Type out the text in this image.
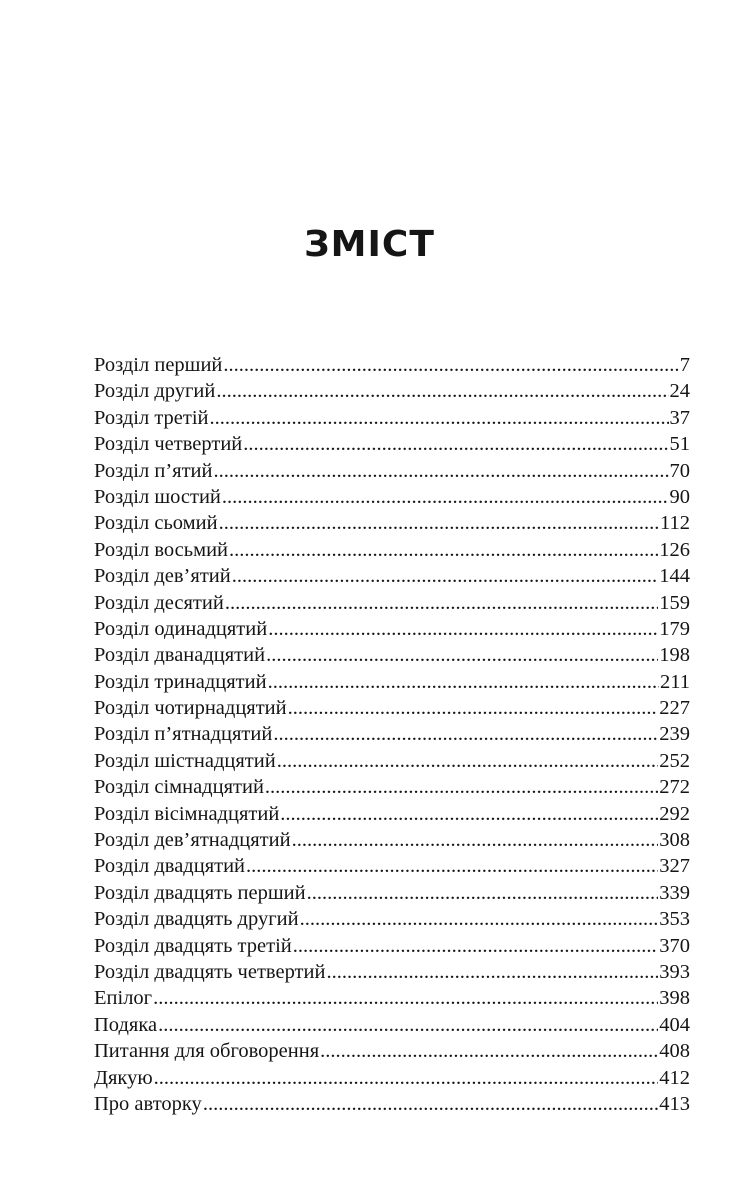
ЗМІСТ
Розділ перший .....	7
Розділ другий .....	24
Розділ третій .....	37
Розділ четвертий .....	51
Розділ п’ятий .....	70
Розділ шостий .....	90
Розділ сьомий .....	112
Розділ восьмий .....	126
Розділ дев’ятий .....	144
Розділ десятий .....	159
Розділ одинадцятий .....	179
Розділ дванадцятий .....	198
Розділ тринадцятий .....	211
Розділ чотирнадцятий .....	227
Розділ п’ятнадцятий .....	239
Розділ шістнадцятий .....	252
Розділ сімнадцятий .....	272
Розділ вісімнадцятий .....	292
Розділ дев’ятнадцятий .....	308
Розділ двадцятий .....	327
Розділ двадцять перший .....	339
Розділ двадцять другий .....	353
Розділ двадцять третій .....	370
Розділ двадцять четвертий .....	393
Епілог .....	398
Подяка .....	404
Питання для обговорення .....	408
Дякую .....	412
Про авторку .....	413
